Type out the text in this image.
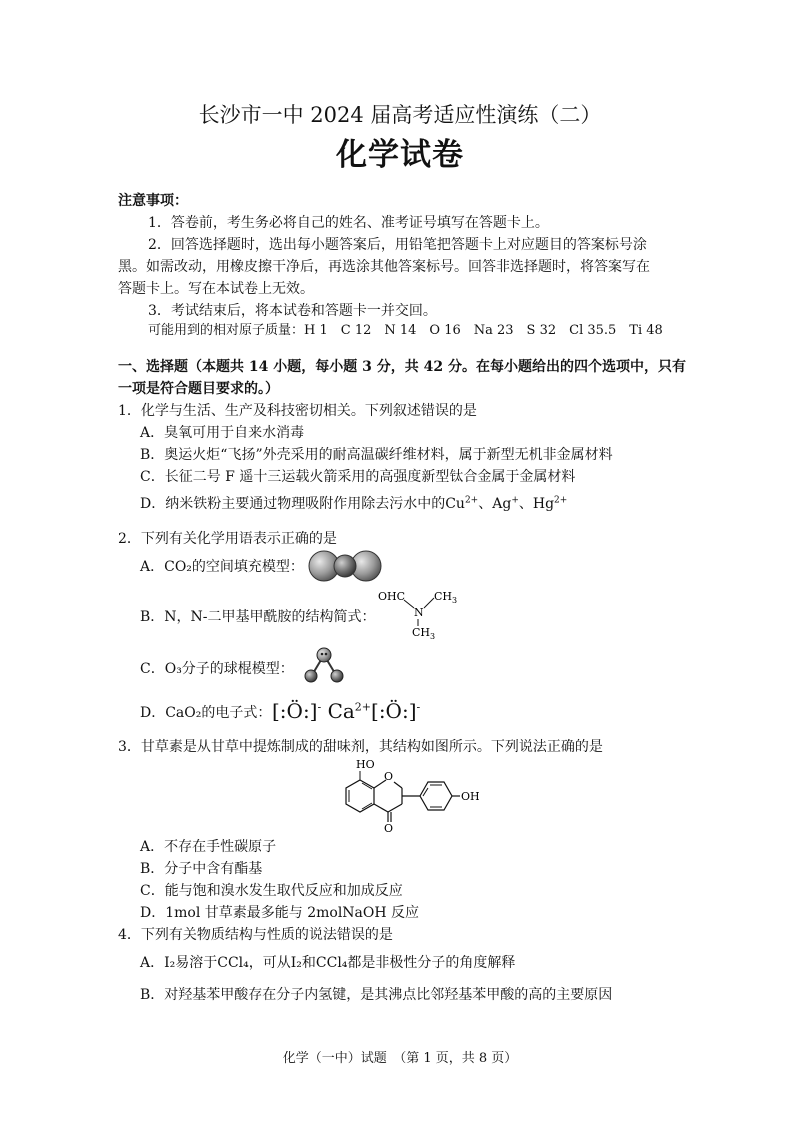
长沙市一中 2024 届高考适应性演练（二）
化学试卷
注意事项：
1．答卷前，考生务必将自己的姓名、准考证号填写在答题卡上。
2．回答选择题时，选出每小题答案后，用铅笔把答题卡上对应题目的答案标号涂
黑。如需改动，用橡皮擦干净后，再选涂其他答案标号。回答非选择题时，将答案写在
答题卡上。写在本试卷上无效。
3．考试结束后，将本试卷和答题卡一并交回。
可能用到的相对原子质量：H 1　C 12　N 14　O 16　Na 23　S 32　Cl 35.5　Ti 48
一、选择题（本题共 14 小题，每小题 3 分，共 42 分。在每小题给出的四个选项中，只有
一项是符合题目要求的。）
1．化学与生活、生产及科技密切相关。下列叙述错误的是
A．臭氧可用于自来水消毒
B．奥运火炬“飞扬”外壳采用的耐高温碳纤维材料，属于新型无机非金属材料
C．长征二号 F 遥十三运载火箭采用的高强度新型钛合金属于金属材料
D．纳米铁粉主要通过物理吸附作用除去污水中的$Cu^{2+}$、Ag+、$Hg^{2+}$
2．下列有关化学用语表示正确的是
A．CO₂的空间填充模型：
B．N，N-二甲基甲酰胺的结构简式：
OHC	$CH_3$
N
$CH_3$
C．O₃分子的球棍模型：
D．CaO₂的电子式： [:Ö:]- $Ca^{2+}[:Ö:]^-$
3．甘草素是从甘草中提炼制成的甜味剂，其结构如图所示。下列说法正确的是
HO
O
O
OH
A．不存在手性碳原子
B．分子中含有酯基
C．能与饱和溴水发生取代反应和加成反应
D．1mol 甘草素最多能与 2molNaOH 反应
4．下列有关物质结构与性质的说法错误的是
A．I₂易溶于CCl₄，可从I₂和CCl₄都是非极性分子的角度解释
B．对羟基苯甲酸存在分子内氢键，是其沸点比邻羟基苯甲酸的高的主要原因
化学（一中）试题　（第 1 页，共 8 页）
